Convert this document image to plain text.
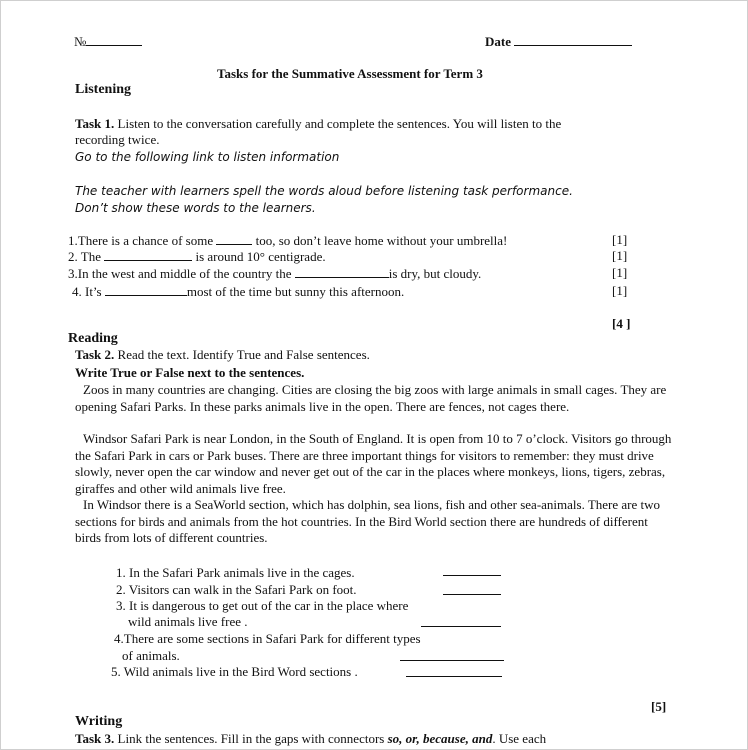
№	Date
Tasks for the Summative Assessment for Term 3
Listening
Task 1. Listen to the conversation carefully and complete the sentences. You will listen to the
recording twice.
Go to the following link to listen information
The teacher with learners spell the words aloud before listening task performance.
Don’t show these words to the learners.
1.There is a chance of some	too, so don’t leave home without your umbrella!	[1]
2. The	is around 10° centigrade.	[1]
3.In the west and middle of the country the	is dry, but cloudy.	[1]
4. It’s	most of the time but sunny this afternoon.	[1]
[4 ]
Reading
Task 2. Read the text. Identify True and False sentences.
Write True or False next to the sentences.
Zoos in many countries are changing. Cities are closing the big zoos with large animals in small cages. They are opening Safari Parks. In these parks animals live in the open. There are fences, not cages there.
Windsor Safari Park is near London, in the South of England. It is open from 10 to 7 o’clock. Visitors go through the Safari Park in cars or Park buses. There are three important things for visitors to remember: they must drive slowly, never open the car window and never get out of the car in the places where monkeys, lions, tigers, zebras, giraffes and other wild animals live free.
In Windsor there is a SeaWorld section, which has dolphin, sea lions, fish and other sea-animals. There are two sections for birds and animals from the hot countries. In the Bird World section there are hundreds of different birds from lots of different countries.
1. In the Safari Park animals live in the cages.
2. Visitors can walk in the Safari Park on foot.
3. It is dangerous to get out of the car in the place where
wild animals live free .
4.There are some sections in Safari Park for different types
of animals.
5. Wild animals live in the Bird Word sections .
[5]
Writing
Task 3. Link the sentences. Fill in the gaps with connectors so, or, because, and. Use each
